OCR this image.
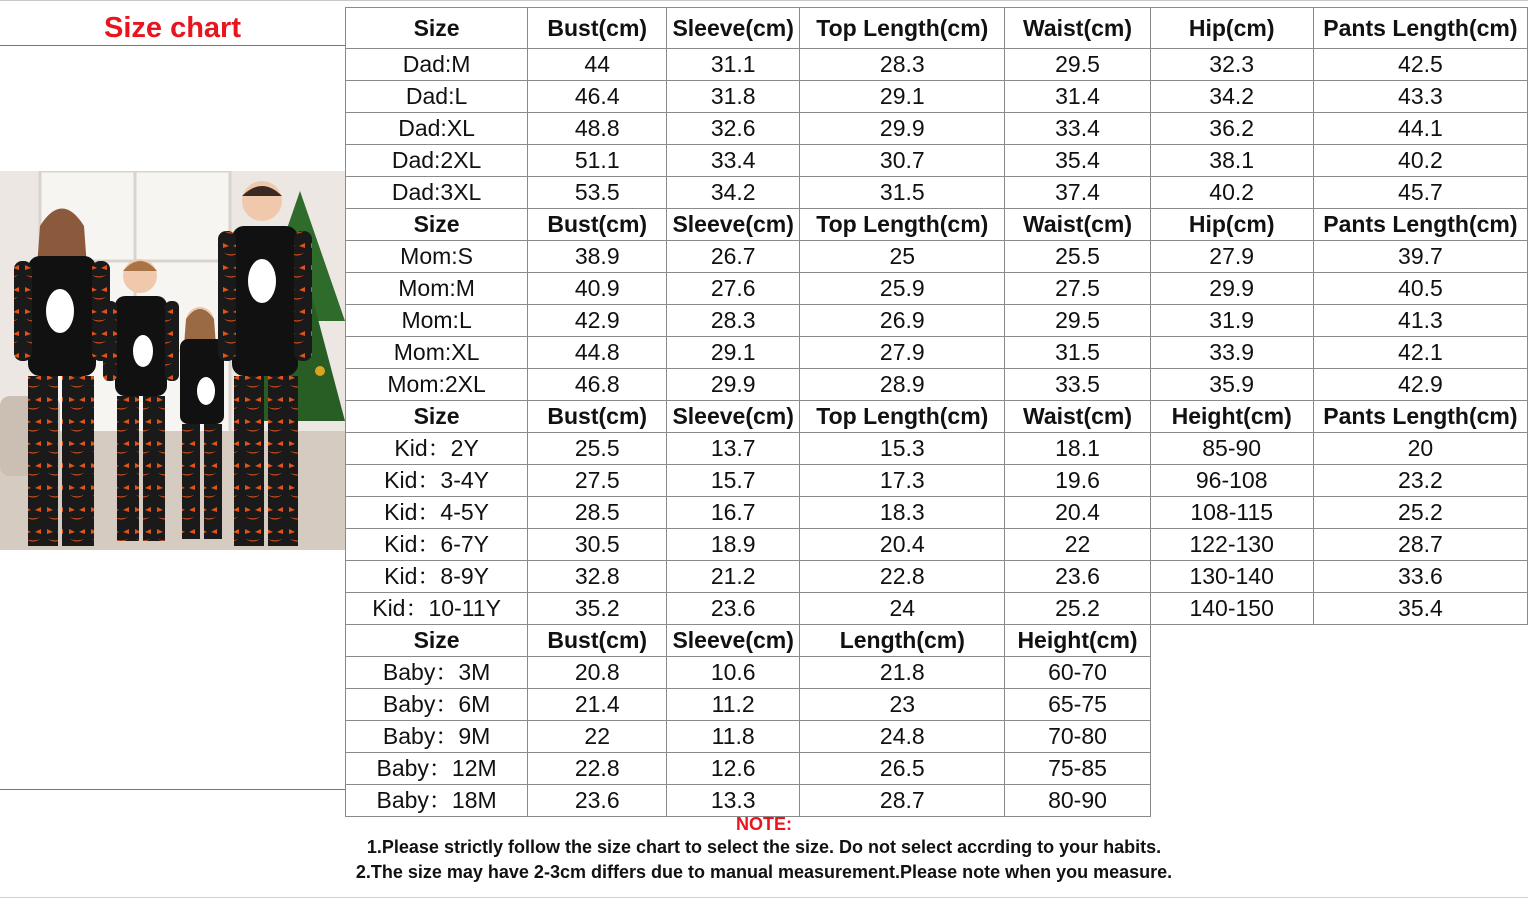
Size chart	Size	Bust(cm)	Sleeve(cm)	Top Length(cm)	Waist(cm)	Hip(cm)	Pants Length(cm)
Dad:M	44	31.1	28.3	29.5	32.3	42.5
Dad:L	46.4	31.8	29.1	31.4	34.2	43.3
Dad:XL	48.8	32.6	29.9	33.4	36.2	44.1
Dad:2XL	51.1	33.4	30.7	35.4	38.1	40.2
Dad:3XL	53.5	34.2	31.5	37.4	40.2	45.7
Size	Bust(cm)	Sleeve(cm)	Top Length(cm)	Waist(cm)	Hip(cm)	Pants Length(cm)
Mom:S	38.9	26.7	25	25.5	27.9	39.7
Mom:M	40.9	27.6	25.9	27.5	29.9	40.5
Mom:L	42.9	28.3	26.9	29.5	31.9	41.3
Mom:XL	44.8	29.1	27.9	31.5	33.9	42.1
Mom:2XL	46.8	29.9	28.9	33.5	35.9	42.9
Size	Bust(cm)	Sleeve(cm)	Top Length(cm)	Waist(cm)	Height(cm)	Pants Length(cm)
Kid：2Y	25.5	13.7	15.3	18.1	85-90	20
Kid：3-4Y	27.5	15.7	17.3	19.6	96-108	23.2
Kid：4-5Y	28.5	16.7	18.3	20.4	108-115	25.2
Kid：6-7Y	30.5	18.9	20.4	22	122-130	28.7
Kid：8-9Y	32.8	21.2	22.8	23.6	130-140	33.6
Kid：10-11Y	35.2	23.6	24	25.2	140-150	35.4
Size	Bust(cm)	Sleeve(cm)	Length(cm)	Height(cm)		
Baby：3M	20.8	10.6	21.8	60-70		
Baby：6M	21.4	11.2	23	65-75		
Baby：9M	22	11.8	24.8	70-80		
Baby：12M	22.8	12.6	26.5	75-85		
Baby：18M	23.6	13.3	28.7	80-90		
NOTE:
1.Please strictly follow the size chart to select the size. Do not select accrding to your habits.
2.The size may have 2-3cm differs due to manual measurement.Please note when you measure.
